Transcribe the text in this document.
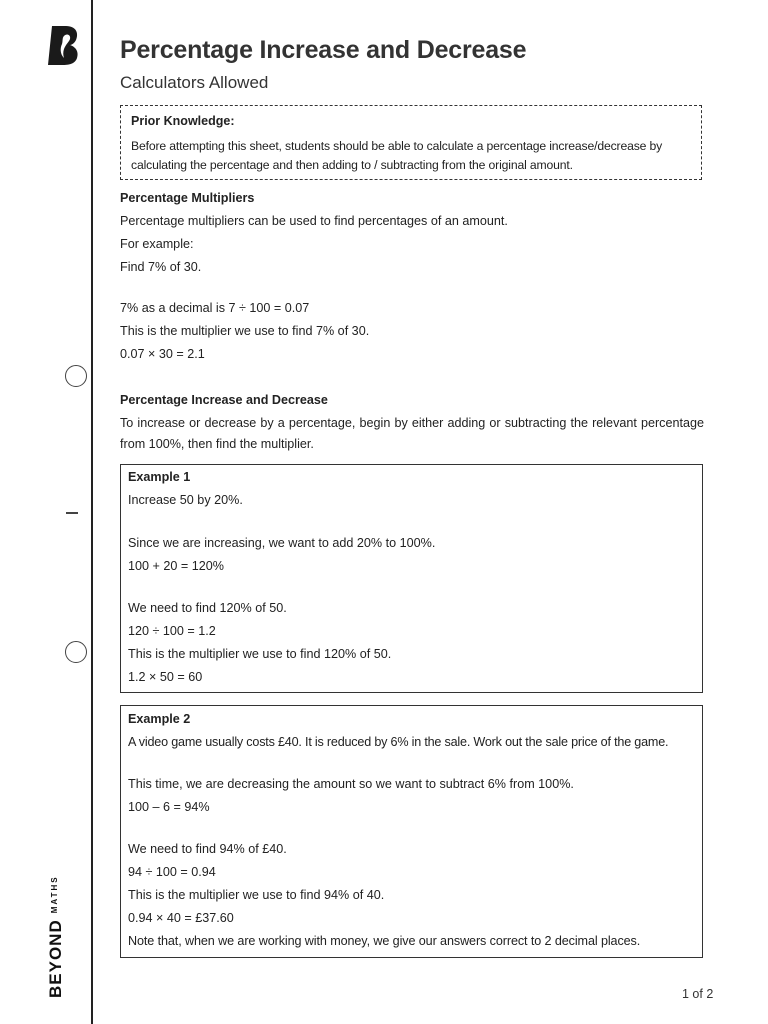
$BEYOND^{MATHS}$
Percentage Increase and Decrease
Calculators Allowed
Prior Knowledge:
Before attempting this sheet, students should be able to calculate a percentage increase/decrease by calculating the percentage and then adding to / subtracting from the original amount.
Percentage Multipliers
Percentage multipliers can be used to find percentages of an amount.
For example:
Find 7% of 30.
7% as a decimal is 7 ÷ 100 = 0.07
This is the multiplier we use to find 7% of 30.
0.07 × 30 = 2.1
Percentage Increase and Decrease
To increase or decrease by a percentage, begin by either adding or subtracting the relevant percentage from 100%, then find the multiplier.
Example 1
Increase 50 by 20%.
Since we are increasing, we want to add 20% to 100%.
100 + 20 = 120%
We need to find 120% of 50.
120 ÷ 100 = 1.2
This is the multiplier we use to find 120% of 50.
1.2 × 50 = 60
Example 2
A video game usually costs £40. It is reduced by 6% in the sale. Work out the sale price of the game.
This time, we are decreasing the amount so we want to subtract 6% from 100%.
100 – 6 = 94%
We need to find 94% of £40.
94 ÷ 100 = 0.94
This is the multiplier we use to find 94% of 40.
0.94 × 40 = £37.60
Note that, when we are working with money, we give our answers correct to 2 decimal places.
1 of 2
